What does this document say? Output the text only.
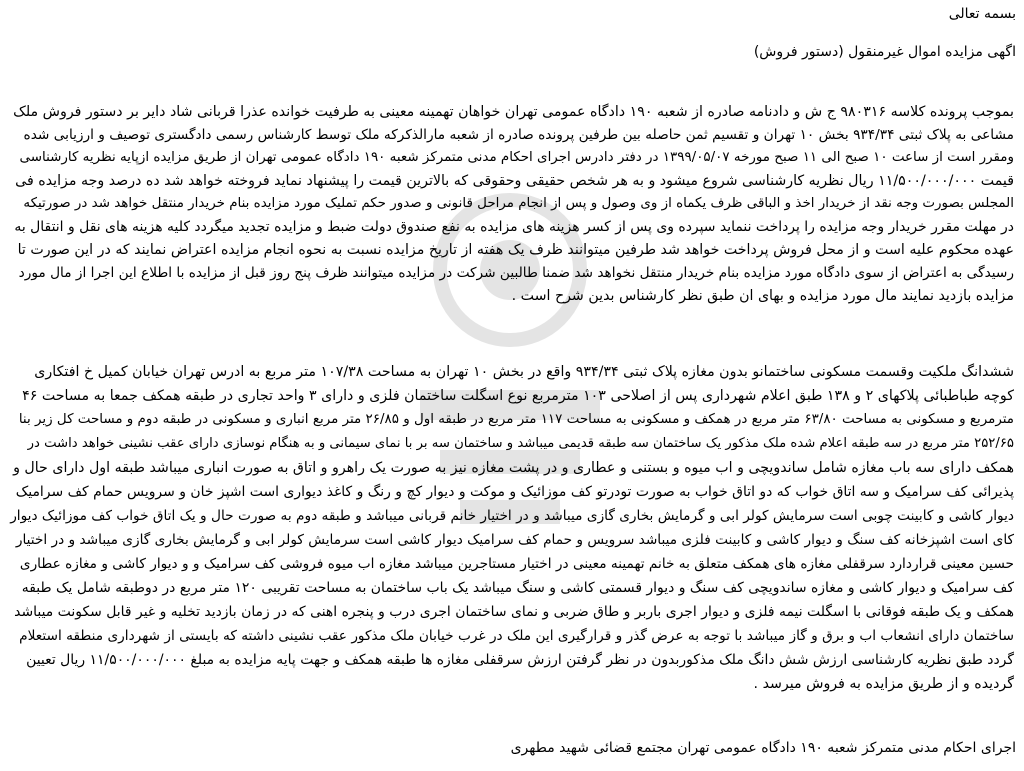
بسمه تعالی

اگهی مزایده اموال غیرمنقول (دستور فروش)

بموجب پرونده کلاسه ۹۸۰۳۱۶ ج ش و دادنامه صادره از شعبه ۱۹۰ دادگاه عمومی تهران خواهان تهمینه معینی به طرفیت خوانده عذرا قربانی شاد دایر بر دستور فروش ملک

مشاعی به پلاک ثبتی ۹۳۴/۳۴ بخش ۱۰ تهران و تقسیم ثمن حاصله بین طرفین پرونده صادره از شعبه مارالذکرکه ملک توسط کارشناس رسمی دادگستری توصیف و ارزیابی شده

ومقرر است از ساعت ۱۰ صبح الی ۱۱ صبح مورخه ۱۳۹۹/۰۵/۰۷ در دفتر دادرس اجرای احکام مدنی متمرکز شعبه ۱۹۰ دادگاه عمومی تهران از طریق مزایده ازپایه نظریه کارشناسی

قیمت ۱۱/۵۰۰/۰۰۰/۰۰۰ ریال نظریه کارشناسی شروع میشود و به هر شخص حقیقی وحقوقی که بالاترین قیمت را پیشنهاد نماید فروخته خواهد شد ده درصد وجه مزایده فی

المجلس بصورت وجه نقد از خریدار اخذ و الباقی ظرف یکماه از وی وصول و پس از انجام مراحل قانونی و صدور حکم تملیک مورد مزایده بنام خریدار منتقل خواهد شد در صورتیکه

در مهلت مقرر خریدار وجه مزایده را پرداخت ننماید سپرده وی پس از کسر هزینه های مزایده به نفع صندوق دولت ضبط و مزایده تجدید میگردد کلیه هزینه های نقل و انتقال به

عهده محکوم علیه است و از محل فروش پرداخت خواهد شد طرفین میتوانند ظرف یک هفته از تاریخ مزایده نسبت به نحوه انجام مزایده اعتراض نمایند که در این صورت تا

رسیدگی به اعتراض از سوی دادگاه مورد مزایده بنام خریدار منتقل نخواهد شد ضمنا طالبین شرکت در مزایده میتوانند ظرف پنج روز قبل از مزایده با اطلاع این اجرا از مال مورد

مزایده بازدید نمایند مال مورد مزایده و بهای ان طبق نظر کارشناس بدین شرح است .

ششدانگ ملکیت وقسمت مسکونی ساختمانو بدون مغازه پلاک ثبتی ۹۳۴/۳۴ واقع در بخش ۱۰ تهران به مساحت ۱۰۷/۳۸ متر مربع به ادرس تهران خیابان کمیل خ افتکاری

کوچه طباطبائی پلاکهای ۲ و ۱۳۸ طبق اعلام شهرداری پس از اصلاحی ۱۰۳ مترمربع نوع اسگلت ساختمان فلزی و دارای ۳ واحد تجاری در طبقه همکف جمعا به مساحت ۴۶

مترمربع و مسکونی به مساحت ۶۳/۸۰ متر مربع در همکف و مسکونی به مساحت ۱۱۷ متر مربع در طبقه اول و ۲۶/۸۵ متر مربع انباری و مسکونی در طبقه دوم و مساحت کل زیر بنا

۲۵۲/۶۵ متر مربع در سه طبقه اعلام شده ملک مذکور یک ساختمان سه طبقه قدیمی میباشد و ساختمان سه بر با نمای سیمانی و به هنگام نوسازی دارای عقب نشینی خواهد داشت در

همکف دارای سه باب مغازه شامل ساندویچی و اب میوه و بستنی و عطاری و در پشت مغازه نیز به صورت یک راهرو و اتاق به صورت انباری میباشد طبقه اول دارای حال و

پذیرائی کف سرامیک و سه اتاق خواب که دو اتاق خواب به صورت تودرتو کف موزائیک و موکت و دیوار کچ و رنگ و کاغذ دیواری است اشپز خان و سرویس حمام کف سرامیک

دیوار کاشی و کابینت چوبی است سرمایش کولر ابی و گرمایش بخاری گازی میباشد و در اختیار خانم قربانی میباشد و طبقه دوم به صورت حال و یک اتاق خواب کف موزائیک دیوار

کای است اشپزخانه کف سنگ و دیوار کاشی و کابینت فلزی میباشد سرویس و حمام کف سرامیک دیوار کاشی است سرمایش کولر ابی و گرمایش بخاری گازی میباشد و در اختیار

حسین معینی قراردارد سرقفلی مغازه های همکف متعلق به خانم تهمینه معینی در اختیار مستاجرین میباشد مغازه اب میوه فروشی کف سرامیک و و دیوار کاشی و مغازه عطاری

کف سرامیک و دیوار کاشی و مغازه ساندویچی کف سنگ و دیوار قسمتی کاشی و سنگ میباشد یک باب ساختمان به مساحت تقریبی ۱۲۰ متر مربع در دوطبقه شامل یک طبقه

همکف و یک طبقه فوقانی با اسگلت نیمه فلزی و دیوار اجری باربر و طاق ضربی و نمای ساختمان اجری درب و پنجره اهنی که در زمان بازدید تخلیه و غیر قابل سکونت میباشد

ساختمان دارای انشعاب اب و برق و گاز میباشد با توجه به عرض گذر و قرارگیری این ملک در غرب خیابان ملک مذکور عقب نشینی داشته که بایستی از شهرداری منطقه استعلام

گردد طبق نظریه کارشناسی ارزش شش دانگ ملک مذکوربدون در نظر گرفتن ارزش سرقفلی مغازه ها طبقه همکف و جهت پایه مزایده به مبلغ ۱۱/۵۰۰/۰۰۰/۰۰۰ ریال تعیین

گردیده و از طریق مزایده به فروش میرسد .

اجرای احکام مدنی متمرکز شعبه ۱۹۰ دادگاه عمومی تهران مجتمع قضائی شهید مطهری
